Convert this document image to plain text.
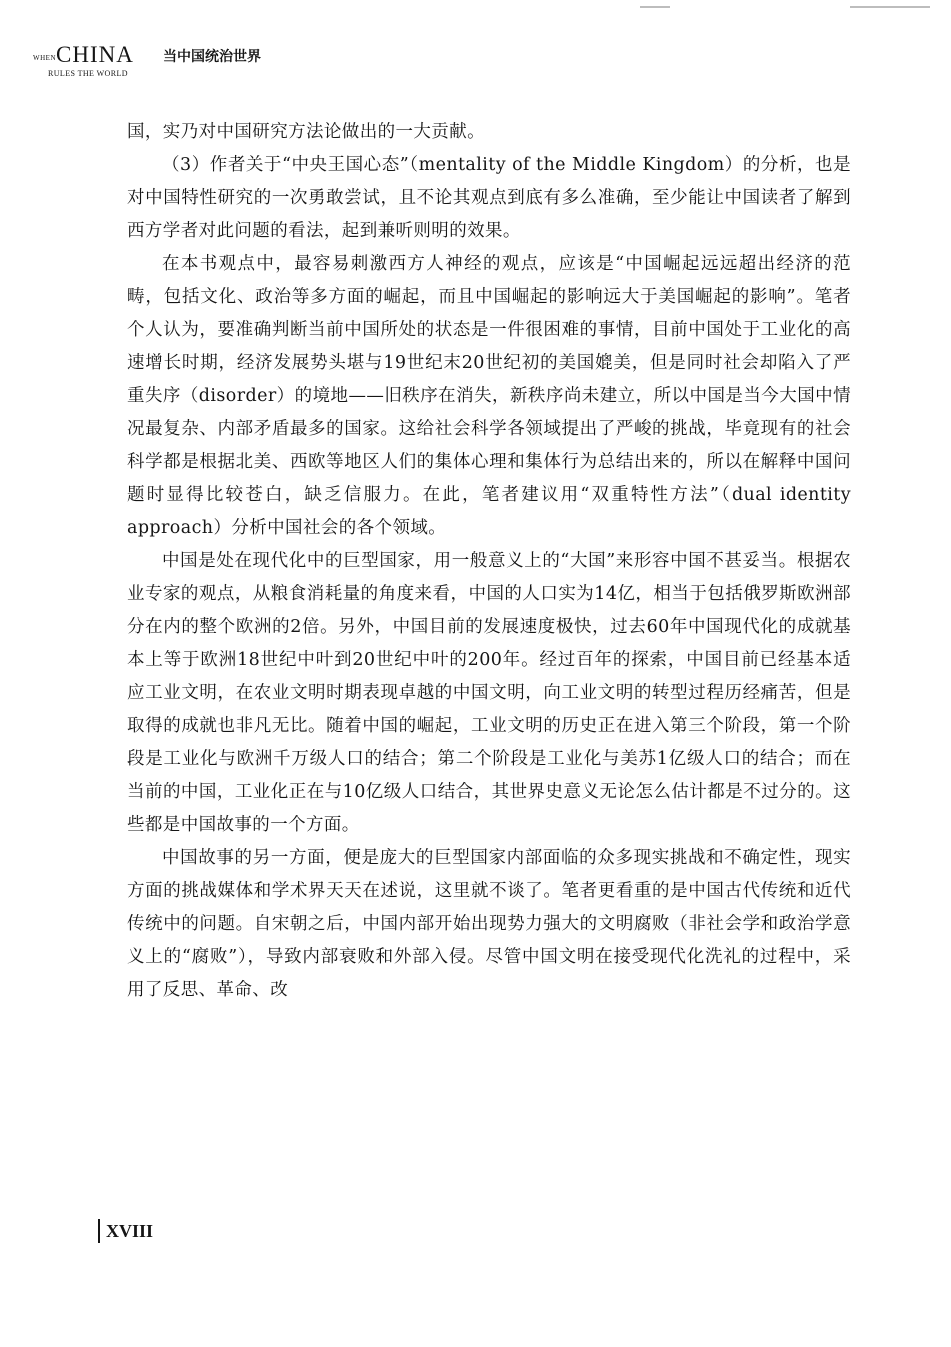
WHEN CHINA
RULES THE WORLD
当中国统治世界

国，实乃对中国研究方法论做出的一大贡献。

（3）作者关于“中央王国心态”（mentality of the Middle Kingdom）的分析，也是对中国特性研究的一次勇敢尝试，且不论其观点到底有多么准确，至少能让中国读者了解到西方学者对此问题的看法，起到兼听则明的效果。

在本书观点中，最容易刺激西方人神经的观点，应该是“中国崛起远远超出经济的范畴，包括文化、政治等多方面的崛起，而且中国崛起的影响远大于美国崛起的影响”。笔者个人认为，要准确判断当前中国所处的状态是一件很困难的事情，目前中国处于工业化的高速增长时期，经济发展势头堪与19世纪末20世纪初的美国媲美，但是同时社会却陷入了严重失序（disorder）的境地——旧秩序在消失，新秩序尚未建立，所以中国是当今大国中情况最复杂、内部矛盾最多的国家。这给社会科学各领域提出了严峻的挑战，毕竟现有的社会科学都是根据北美、西欧等地区人们的集体心理和集体行为总结出来的，所以在解释中国问题时显得比较苍白，缺乏信服力。在此，笔者建议用“双重特性方法”（dual identity approach）分析中国社会的各个领域。

中国是处在现代化中的巨型国家，用一般意义上的“大国”来形容中国不甚妥当。根据农业专家的观点，从粮食消耗量的角度来看，中国的人口实为14亿，相当于包括俄罗斯欧洲部分在内的整个欧洲的2倍。另外，中国目前的发展速度极快，过去60年中国现代化的成就基本上等于欧洲18世纪中叶到20世纪中叶的200年。经过百年的探索，中国目前已经基本适应工业文明，在农业文明时期表现卓越的中国文明，向工业文明的转型过程历经痛苦，但是取得的成就也非凡无比。随着中国的崛起，工业文明的历史正在进入第三个阶段，第一个阶段是工业化与欧洲千万级人口的结合；第二个阶段是工业化与美苏1亿级人口的结合；而在当前的中国，工业化正在与10亿级人口结合，其世界史意义无论怎么估计都是不过分的。这些都是中国故事的一个方面。

中国故事的另一方面，便是庞大的巨型国家内部面临的众多现实挑战和不确定性，现实方面的挑战媒体和学术界天天在述说，这里就不谈了。笔者更看重的是中国古代传统和近代传统中的问题。自宋朝之后，中国内部开始出现势力强大的文明腐败（非社会学和政治学意义上的“腐败”），导致内部衰败和外部入侵。尽管中国文明在接受现代化洗礼的过程中，采用了反思、革命、改

XVIII
